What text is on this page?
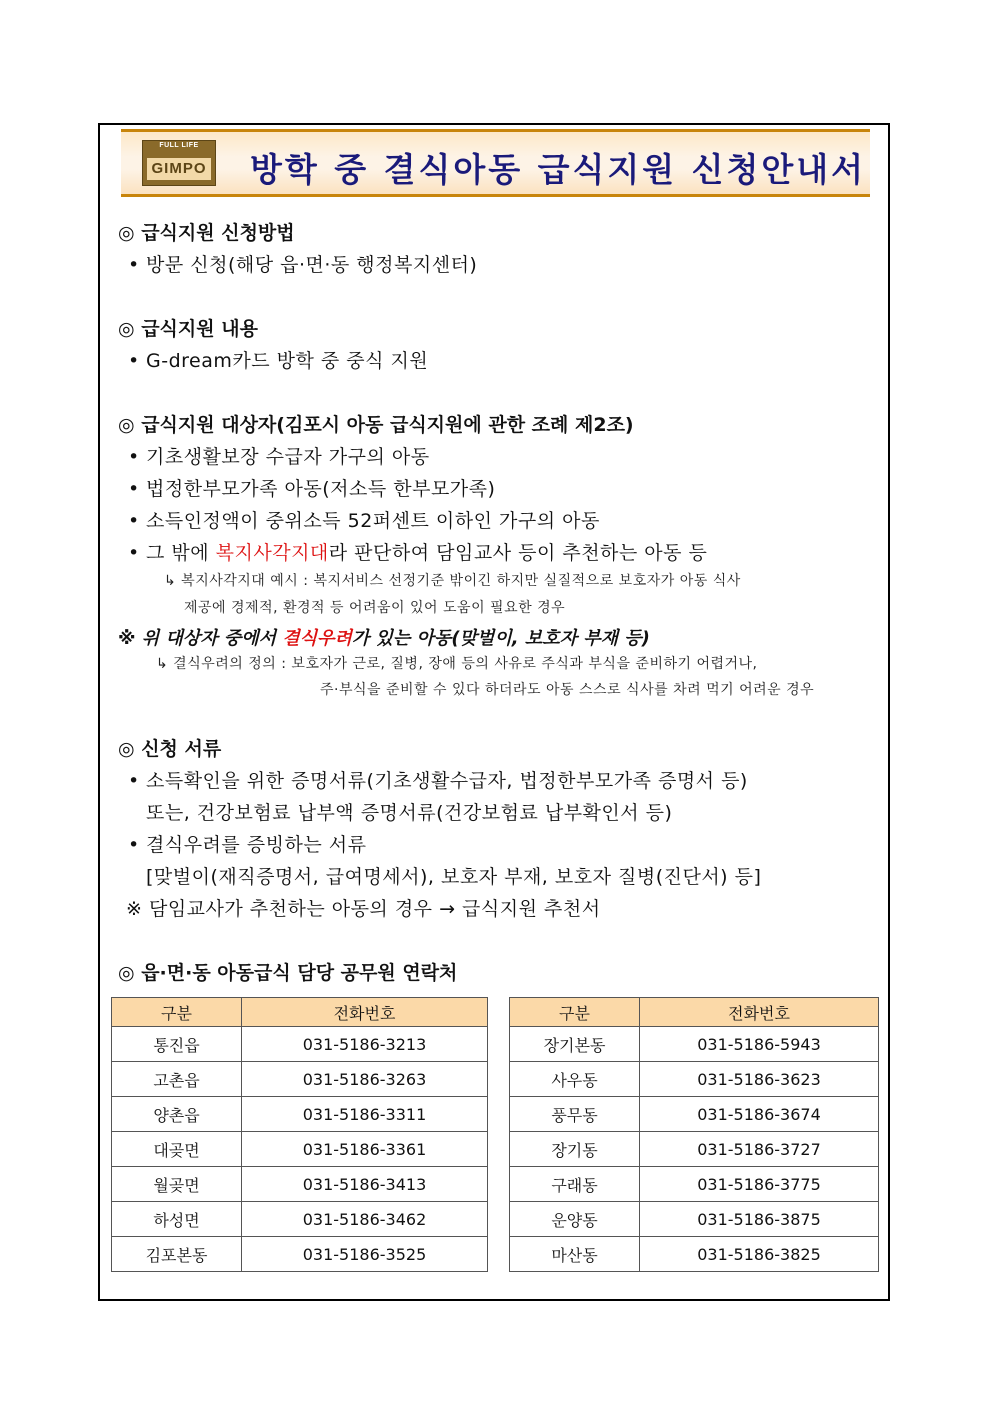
FULL LIFE
GIMPO 방학 중 결식아동 급식지원 신청안내서
◎ 급식지원 신청방법
• 방문 신청(해당 읍·면·동 행정복지센터)
◎ 급식지원 내용
• G-dream카드 방학 중 중식 지원
◎ 급식지원 대상자(김포시 아동 급식지원에 관한 조례 제2조)
• 기초생활보장 수급자 가구의 아동
• 법정한부모가족 아동(저소득 한부모가족)
• 소득인정액이 중위소득 52퍼센트 이하인 가구의 아동
• 그 밖에 복지사각지대라 판단하여 담임교사 등이 추천하는 아동 등
↳ 복지사각지대 예시 : 복지서비스 선정기준 밖이긴 하지만 실질적으로 보호자가 아동 식사
제공에 경제적, 환경적 등 어려움이 있어 도움이 필요한 경우
※ 위 대상자 중에서 결식우려가 있는 아동(맞벌이, 보호자 부재 등)
↳ 결식우려의 정의 : 보호자가 근로, 질병, 장애 등의 사유로 주식과 부식을 준비하기 어렵거나,
주·부식을 준비할 수 있다 하더라도 아동 스스로 식사를 차려 먹기 어려운 경우
◎ 신청 서류
• 소득확인을 위한 증명서류(기초생활수급자, 법정한부모가족 증명서 등)
또는, 건강보험료 납부액 증명서류(건강보험료 납부확인서 등)
• 결식우려를 증빙하는 서류
[맞벌이(재직증명서, 급여명세서), 보호자 부재, 보호자 질병(진단서) 등]
※ 담임교사가 추천하는 아동의 경우 → 급식지원 추천서
◎ 읍·면·동 아동급식 담당 공무원 연락처
구분	전화번호
통진읍	031-5186-3213
고촌읍	031-5186-3263
양촌읍	031-5186-3311
대곶면	031-5186-3361
월곶면	031-5186-3413
하성면	031-5186-3462
김포본동	031-5186-3525
구분	전화번호
장기본동	031-5186-5943
사우동	031-5186-3623
풍무동	031-5186-3674
장기동	031-5186-3727
구래동	031-5186-3775
운양동	031-5186-3875
마산동	031-5186-3825
